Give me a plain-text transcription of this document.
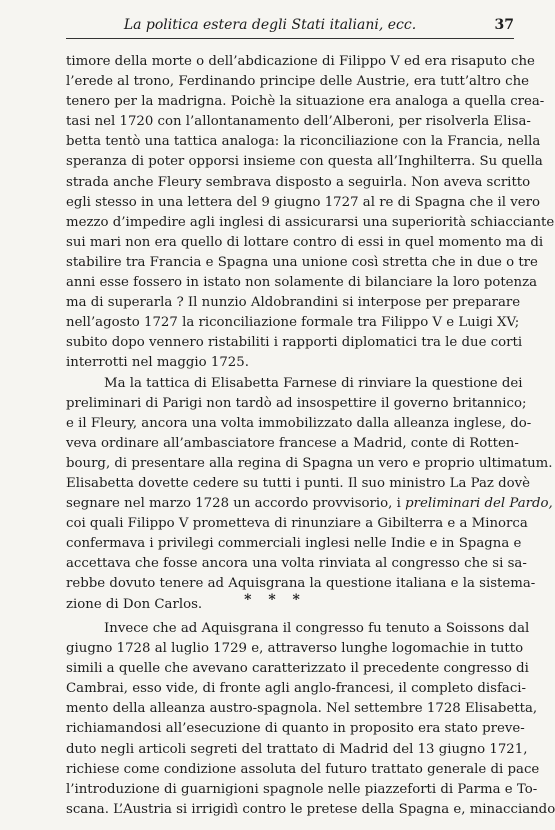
La politica estera degli Stati italiani, ecc.	37
timore della morte o dell’abdicazione di Filippo V ed era risaputo che
l’erede al trono, Ferdinando principe delle Austrie, era tutt’altro che
tenero per la madrigna. Poichè la situazione era analoga a quella crea-
tasi nel 1720 con l’allontanamento dell’Alberoni, per risolverla Elisa-
betta tentò una tattica analoga: la riconciliazione con la Francia, nella
speranza di poter opporsi insieme con questa all’Inghilterra. Su quella
strada anche Fleury sembrava disposto a seguirla. Non aveva scritto
egli stesso in una lettera del 9 giugno 1727 al re di Spagna che il vero
mezzo d’impedire agli inglesi di assicurarsi una superiorità schiacciante
sui mari non era quello di lottare contro di essi in quel momento ma di
stabilire tra Francia e Spagna una unione così stretta che in due o tre
anni esse fossero in istato non solamente di bilanciare la loro potenza
ma di superarla ? Il nunzio Aldobrandini si interpose per preparare
nell’agosto 1727 la riconciliazione formale tra Filippo V e Luigi XV;
subito dopo vennero ristabiliti i rapporti diplomatici tra le due corti
interrotti nel maggio 1725.
Ma la tattica di Elisabetta Farnese di rinviare la questione dei
preliminari di Parigi non tardò ad insospettire il governo britannico;
e il Fleury, ancora una volta immobilizzato dalla alleanza inglese, do-
veva ordinare all’ambasciatore francese a Madrid, conte di Rotten-
bourg, di presentare alla regina di Spagna un vero e proprio ultimatum.
Elisabetta dovette cedere su tutti i punti. Il suo ministro La Paz dovè
segnare nel marzo 1728 un accordo provvisorio, i preliminari del Pardo,
coi quali Filippo V prometteva di rinunziare a Gibilterra e a Minorca
confermava i privilegi commerciali inglesi nelle Indie e in Spagna e
accettava che fosse ancora una volta rinviata al congresso che si sa-
rebbe dovuto tenere ad Aquisgrana la questione italiana e la sistema-
zione di Don Carlos.	* * *
Invece che ad Aquisgrana il congresso fu tenuto a Soissons dal
giugno 1728 al luglio 1729 e, attraverso lunghe logomachie in tutto
simili a quelle che avevano caratterizzato il precedente congresso di
Cambrai, esso vide, di fronte agli anglo-francesi, il completo disfaci-
mento della alleanza austro-spagnola. Nel settembre 1728 Elisabetta,
richiamandosi all’esecuzione di quanto in proposito era stato preve-
duto negli articoli segreti del trattato di Madrid del 13 giugno 1721,
richiese come condizione assoluta del futuro trattato generale di pace
l’introduzione di guarnigioni spagnole nelle piazzeforti di Parma e To-
scana. L’Austria si irrigidì contro le pretese della Spagna e, minacciando
